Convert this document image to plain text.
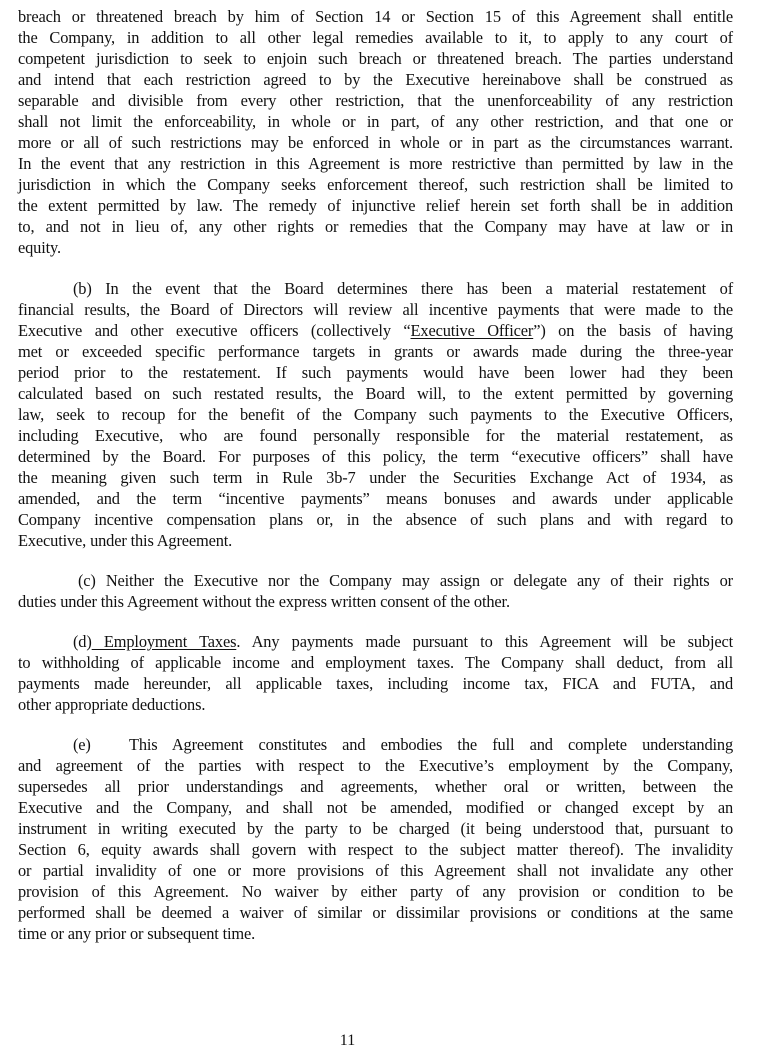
breach or threatened breach by him of Section 14 or Section 15 of this Agreement shall entitle
the Company, in addition to all other legal remedies available to it, to apply to any court of
competent jurisdiction to seek to enjoin such breach or threatened breach. The parties understand
and intend that each restriction agreed to by the Executive hereinabove shall be construed as
separable and divisible from every other restriction, that the unenforceability of any restriction
shall not limit the enforceability, in whole or in part, of any other restriction, and that one or
more or all of such restrictions may be enforced in whole or in part as the circumstances warrant.
In the event that any restriction in this Agreement is more restrictive than permitted by law in the
jurisdiction in which the Company seeks enforcement thereof, such restriction shall be limited to
the extent permitted by law. The remedy of injunctive relief herein set forth shall be in addition
to, and not in lieu of, any other rights or remedies that the Company may have at law or in
equity.
(b) In the event that the Board determines there has been a material restatement of
financial results, the Board of Directors will review all incentive payments that were made to the
Executive and other executive officers (collectively “Executive Officer”) on the basis of having
met or exceeded specific performance targets in grants or awards made during the three-year
period prior to the restatement. If such payments would have been lower had they been
calculated based on such restated results, the Board will, to the extent permitted by governing
law, seek to recoup for the benefit of the Company such payments to the Executive Officers,
including Executive, who are found personally responsible for the material restatement, as
determined by the Board. For purposes of this policy, the term “executive officers” shall have
the meaning given such term in Rule 3b-7 under the Securities Exchange Act of 1934, as
amended, and the term “incentive payments” means bonuses and awards under applicable
Company incentive compensation plans or, in the absence of such plans and with regard to
Executive, under this Agreement.
(c) Neither the Executive nor the Company may assign or delegate any of their rights or
duties under this Agreement without the express written consent of the other.
(d) Employment Taxes. Any payments made pursuant to this Agreement will be subject
to withholding of applicable income and employment taxes. The Company shall deduct, from all
payments made hereunder, all applicable taxes, including income tax, FICA and FUTA, and
other appropriate deductions.
(e) This Agreement constitutes and embodies the full and complete understanding
and agreement of the parties with respect to the Executive’s employment by the Company,
supersedes all prior understandings and agreements, whether oral or written, between the
Executive and the Company, and shall not be amended, modified or changed except by an
instrument in writing executed by the party to be charged (it being understood that, pursuant to
Section 6, equity awards shall govern with respect to the subject matter thereof). The invalidity
or partial invalidity of one or more provisions of this Agreement shall not invalidate any other
provision of this Agreement. No waiver by either party of any provision or condition to be
performed shall be deemed a waiver of similar or dissimilar provisions or conditions at the same
time or any prior or subsequent time.
11
